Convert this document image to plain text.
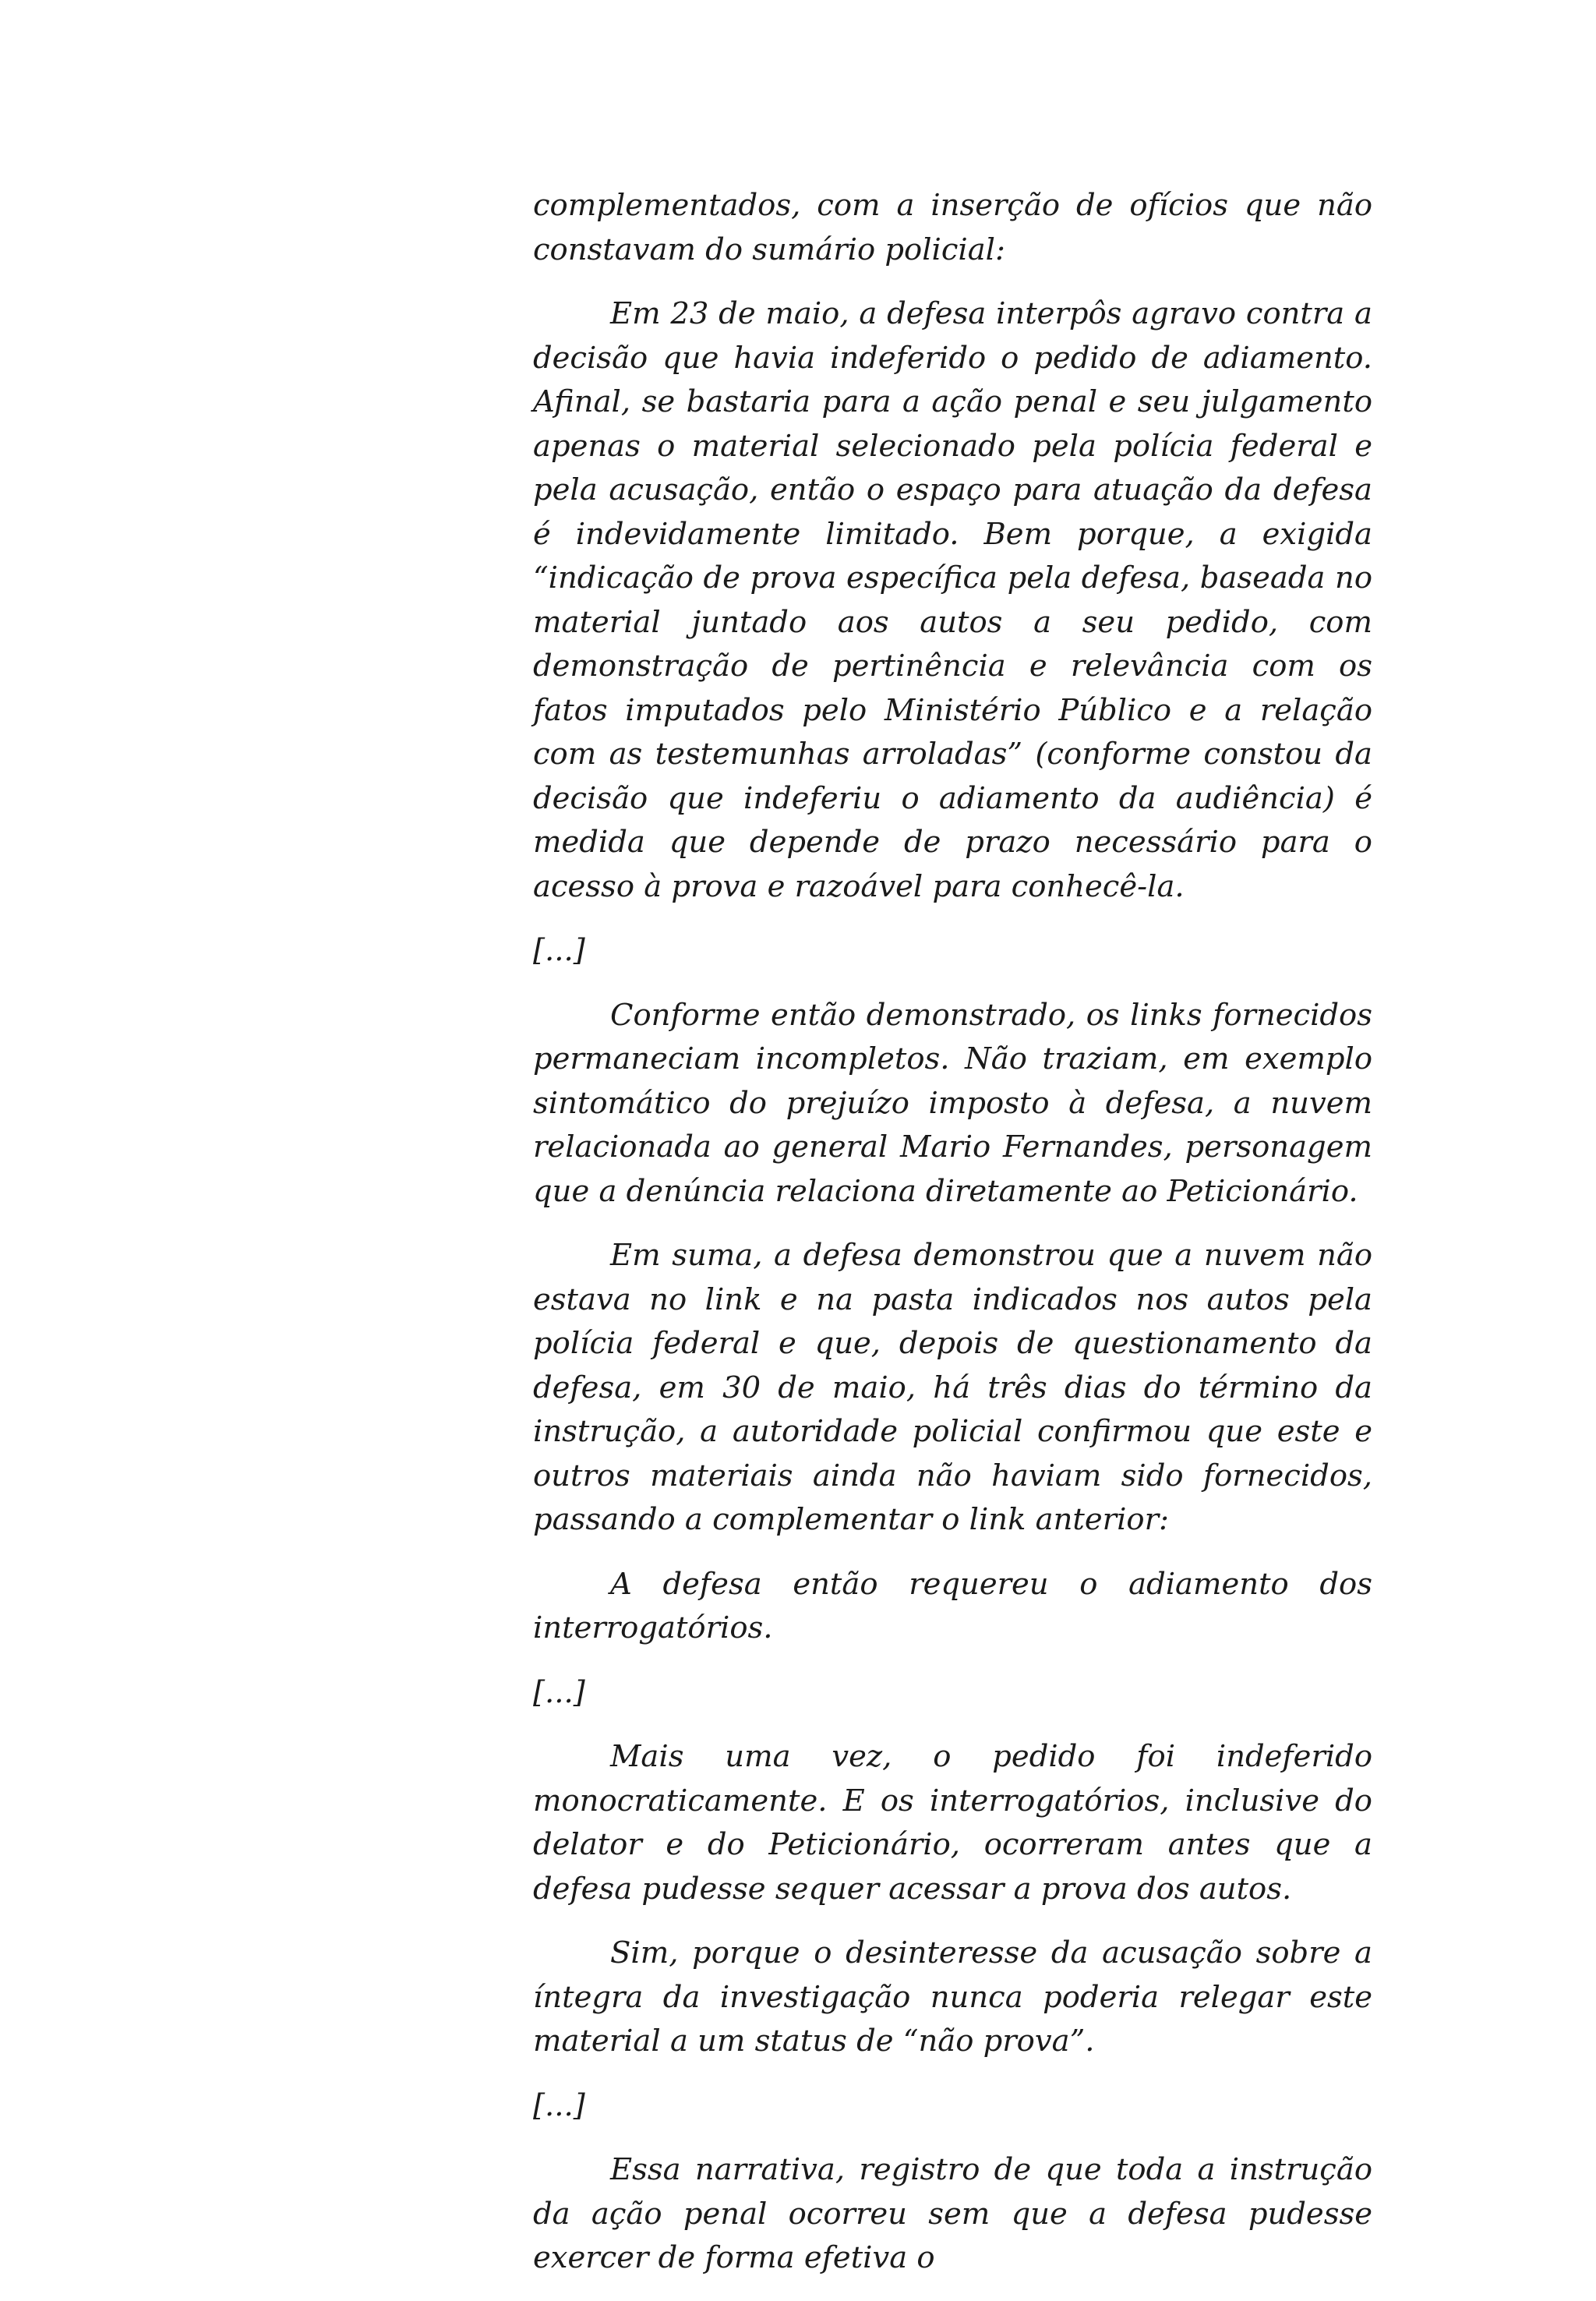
complementados, com a inserção de ofícios que não constavam do sumário policial:

Em 23 de maio, a defesa interpôs agravo contra a decisão que havia indeferido o pedido de adiamento. Afinal, se bastaria para a ação penal e seu julgamento apenas o material selecionado pela polícia federal e pela acusação, então o espaço para atuação da defesa é indevidamente limitado. Bem porque, a exigida “indicação de prova específica pela defesa, baseada no material juntado aos autos a seu pedido, com demonstração de pertinência e relevância com os fatos imputados pelo Ministério Público e a relação com as testemunhas arroladas” (conforme constou da decisão que indeferiu o adiamento da audiência) é medida que depende de prazo necessário para o acesso à prova e razoável para conhecê-la.

[...]

Conforme então demonstrado, os links fornecidos permaneciam incompletos. Não traziam, em exemplo sintomático do prejuízo imposto à defesa, a nuvem relacionada ao general Mario Fernandes, personagem que a denúncia relaciona diretamente ao Peticionário.

Em suma, a defesa demonstrou que a nuvem não estava no link e na pasta indicados nos autos pela polícia federal e que, depois de questionamento da defesa, em 30 de maio, há três dias do término da instrução, a autoridade policial confirmou que este e outros materiais ainda não haviam sido fornecidos, passando a complementar o link anterior:

A defesa então requereu o adiamento dos interrogatórios.

[...]

Mais uma vez, o pedido foi indeferido monocraticamente. E os interrogatórios, inclusive do delator e do Peticionário, ocorreram antes que a defesa pudesse sequer acessar a prova dos autos.

Sim, porque o desinteresse da acusação sobre a íntegra da investigação nunca poderia relegar este material a um status de “não prova”.

[...]

Essa narrativa, registro de que toda a instrução da ação penal ocorreu sem que a defesa pudesse exercer de forma efetiva o
